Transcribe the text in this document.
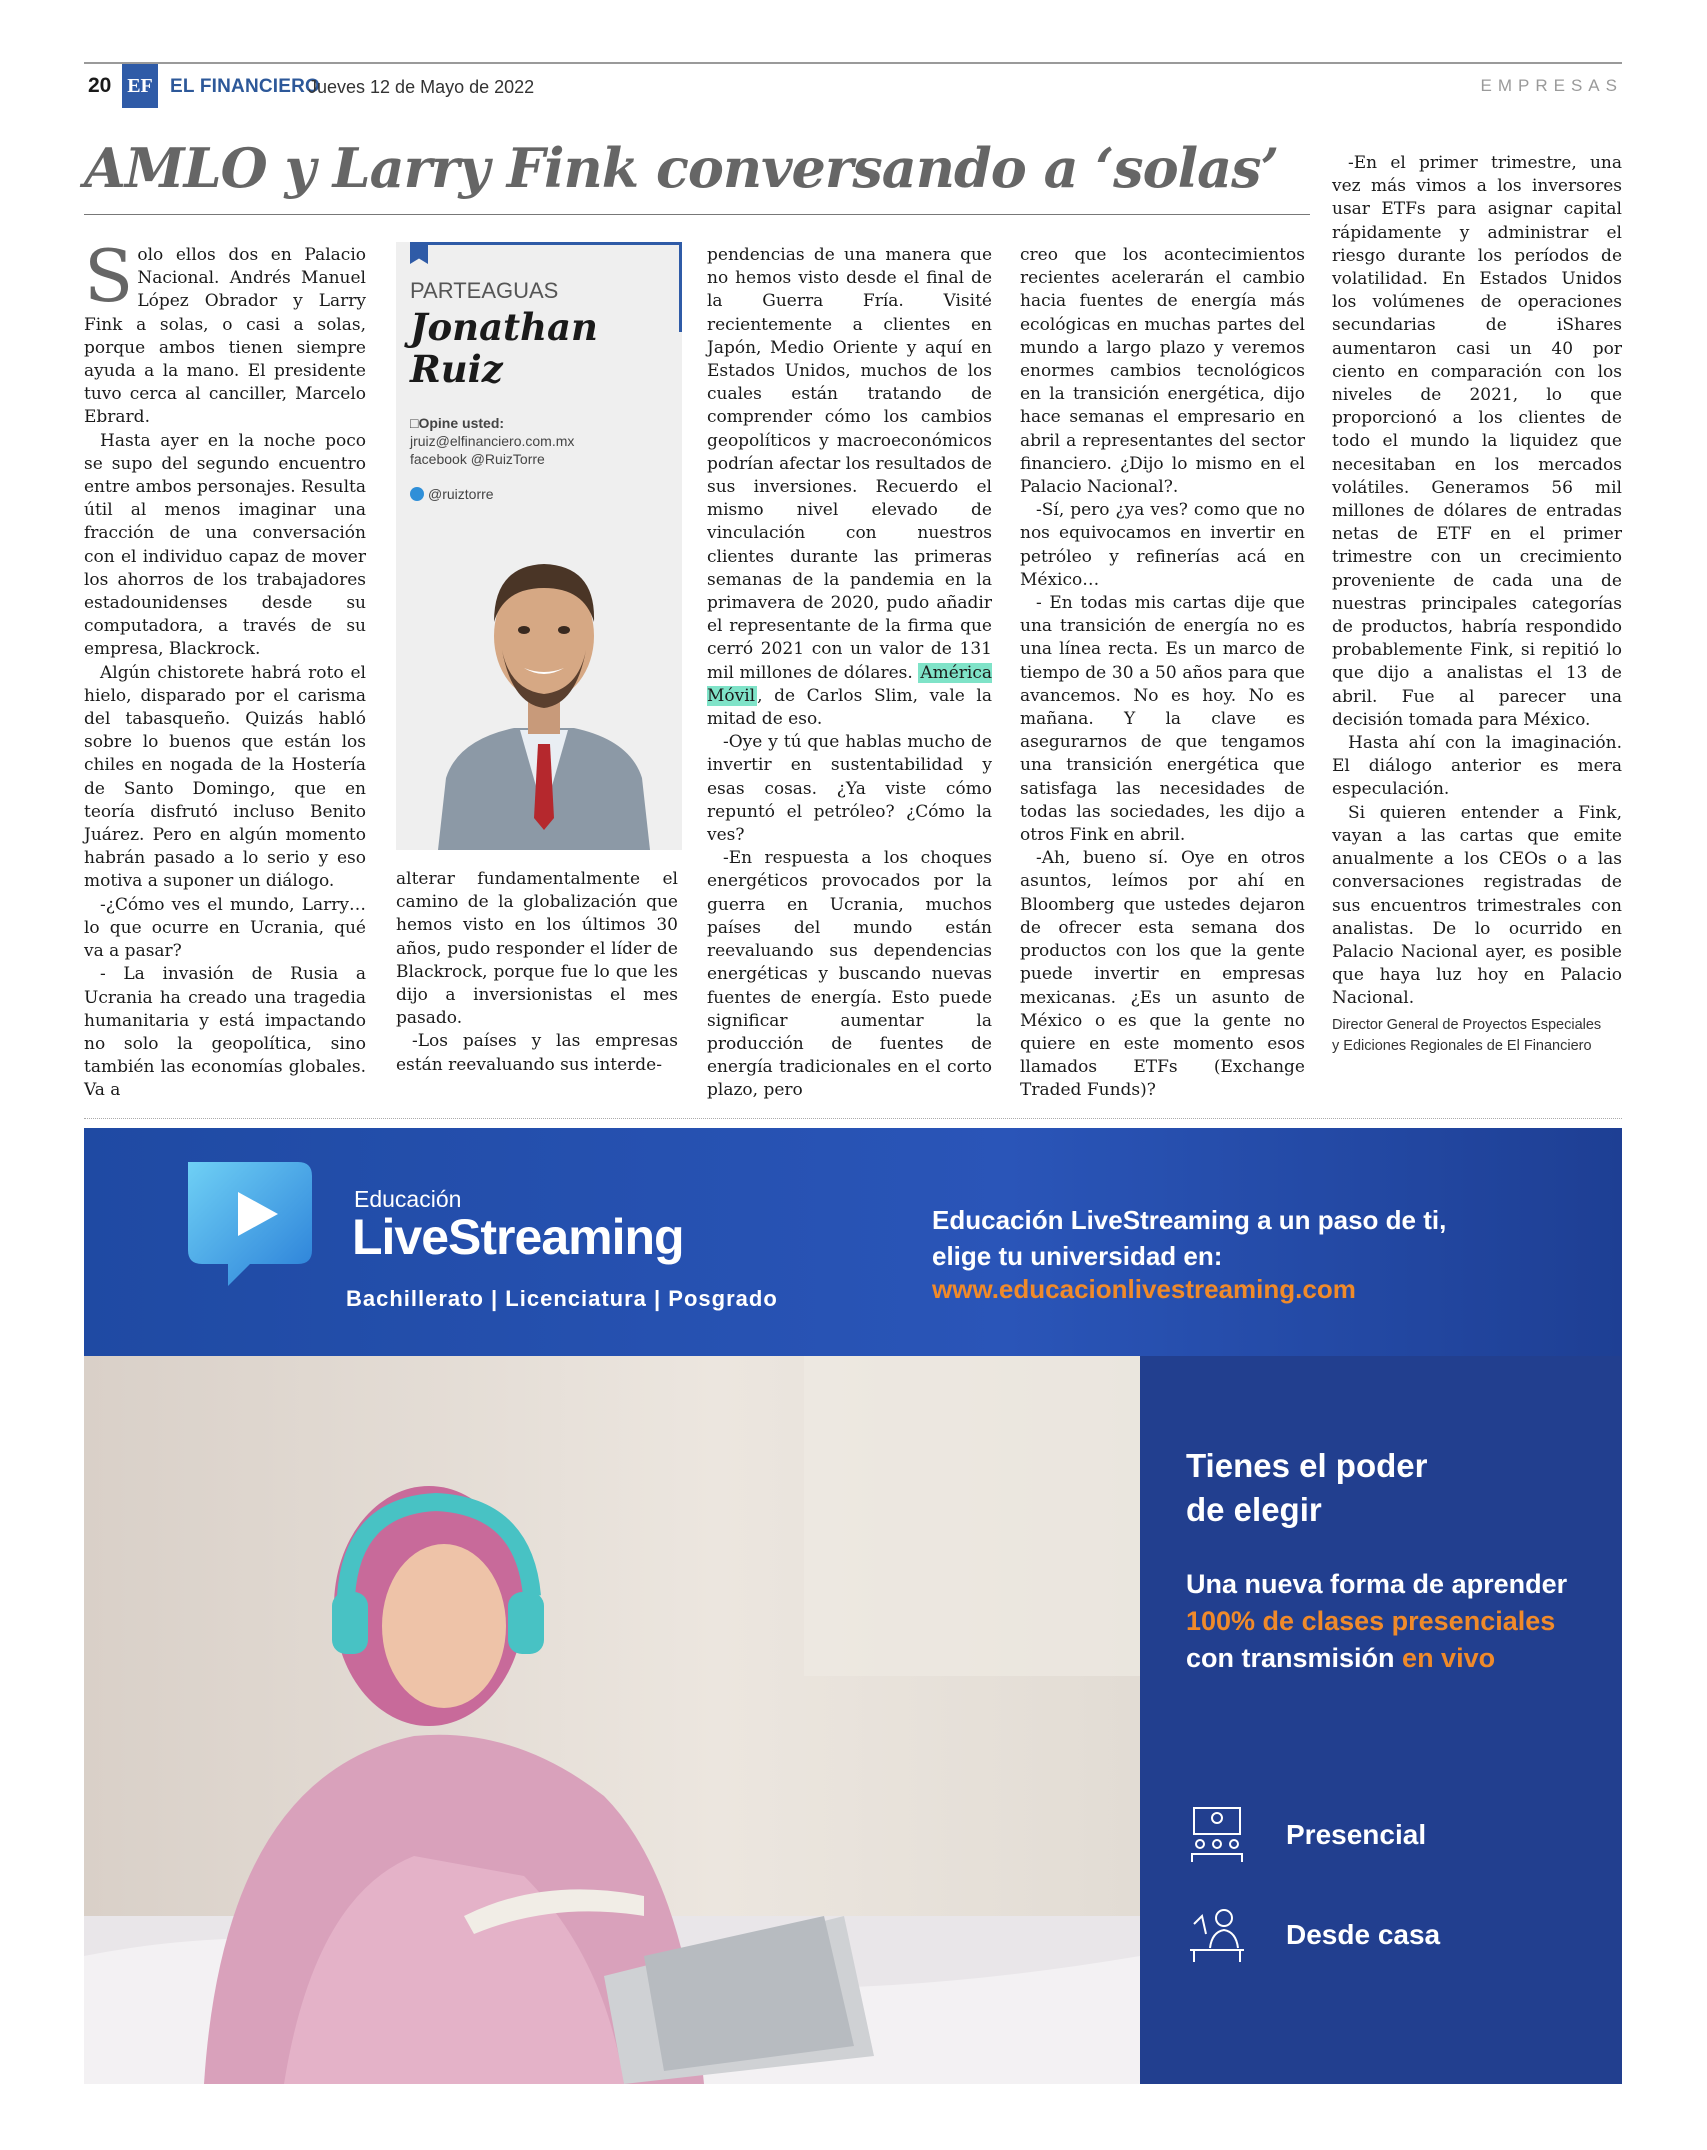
20 EF EL FINANCIERO
Jueves 12 de Mayo de 2022	EMPRESAS
AMLO y Larry Fink conversando a ‘solas’

Solo ellos dos en Palacio Nacional. Andrés Manuel López Obrador y Larry Fink a solas, o casi a solas, porque ambos tienen siempre ayuda a la mano. El presidente tuvo cerca al canciller, Marcelo Ebrard.

Hasta ayer en la noche poco se supo del segundo encuentro entre ambos personajes. Resulta útil al menos imaginar una fracción de una conversación con el individuo capaz de mover los ahorros de los trabajadores estadounidenses desde su computadora, a través de su empresa, Blackrock.

Algún chistorete habrá roto el hielo, disparado por el carisma del tabasqueño. Quizás habló sobre lo buenos que están los chiles en nogada de la Hostería de Santo Domingo, que en teoría disfrutó incluso Benito Juárez. Pero en algún momento habrán pasado a lo serio y eso motiva a suponer un diálogo.

-¿Cómo ves el mundo, Larry… lo que ocurre en Ucrania, qué va a pasar?

- La invasión de Rusia a Ucrania ha creado una tragedia humanitaria y está impactando no solo la geopolítica, sino también las economías globales. Va a

PARTEAGUAS
Jonathan
Ruiz
□Opine usted:
jruiz@elfinanciero.com.mx
facebook @RuizTorre
@ruiztorre

alterar fundamentalmente el camino de la globalización que hemos visto en los últimos 30 años, pudo responder el líder de Blackrock, porque fue lo que les dijo a inversionistas el mes pasado.

-Los países y las empresas están reevaluando sus interde-

pendencias de una manera que no hemos visto desde el final de la Guerra Fría. Visité recientemente a clientes en Japón, Medio Oriente y aquí en Estados Unidos, muchos de los cuales están tratando de comprender cómo los cambios geopolíticos y macroeconómicos podrían afectar los resultados de sus inversiones. Recuerdo el mismo nivel elevado de vinculación con nuestros clientes durante las primeras semanas de la pandemia en la primavera de 2020, pudo añadir el representante de la firma que cerró 2021 con un valor de 131 mil millones de dólares. América Móvil , de Carlos Slim, vale la mitad de eso.

-Oye y tú que hablas mucho de invertir en sustentabilidad y esas cosas. ¿Ya viste cómo repuntó el petróleo? ¿Cómo la ves?

-En respuesta a los choques energéticos provocados por la guerra en Ucrania, muchos países del mundo están reevaluando sus dependencias energéticas y buscando nuevas fuentes de energía. Esto puede significar aumentar la producción de fuentes de energía tradicionales en el corto plazo, pero

creo que los acontecimientos recientes acelerarán el cambio hacia fuentes de energía más ecológicas en muchas partes del mundo a largo plazo y veremos enormes cambios tecnológicos en la transición energética, dijo hace semanas el empresario en abril a representantes del sector financiero. ¿Dijo lo mismo en el Palacio Nacional?.

-Sí, pero ¿ya ves? como que no nos equivocamos en invertir en petróleo y refinerías acá en México…

- En todas mis cartas dije que una transición de energía no es una línea recta. Es un marco de tiempo de 30 a 50 años para que avancemos. No es hoy. No es mañana. Y la clave es asegurarnos de que tengamos una transición energética que satisfaga las necesidades de todas las sociedades, les dijo a otros Fink en abril.

-Ah, bueno sí. Oye en otros asuntos, leímos por ahí en Bloomberg que ustedes dejaron de ofrecer esta semana dos productos con los que la gente puede invertir en empresas mexicanas. ¿Es un asunto de México o es que la gente no quiere en este momento esos llamados ETFs (Exchange Traded Funds)?

-En el primer trimestre, una vez más vimos a los inversores usar ETFs para asignar capital rápidamente y administrar el riesgo durante los períodos de volatilidad. En Estados Unidos los volúmenes de operaciones secundarias de iShares aumentaron casi un 40 por ciento en comparación con los niveles de 2021, lo que proporcionó a los clientes de todo el mundo la liquidez que necesitaban en los mercados volátiles. Generamos 56 mil millones de dólares de entradas netas de ETF en el primer trimestre con un crecimiento proveniente de cada una de nuestras principales categorías de productos, habría respondido probablemente Fink, si repitió lo que dijo a analistas el 13 de abril. Fue al parecer una decisión tomada para México.

Hasta ahí con la imaginación. El diálogo anterior es mera especulación.

Si quieren entender a Fink, vayan a las cartas que emite anualmente a los CEOs o a las conversaciones registradas de sus encuentros trimestrales con analistas. De lo ocurrido en Palacio Nacional ayer, es posible que haya luz hoy en Palacio Nacional.

Director General de Proyectos Especiales
y Ediciones Regionales de El Financiero
Educación
LiveStreaming
Bachillerato | Licenciatura | Posgrado
Educación LiveStreaming a un paso de ti,
elige tu universidad en:
www.educacionlivestreaming.com
Tienes el poder
de elegir
Una nueva forma de aprender 100% de clases presenciales con transmisión en vivo
Presencial
Desde casa
